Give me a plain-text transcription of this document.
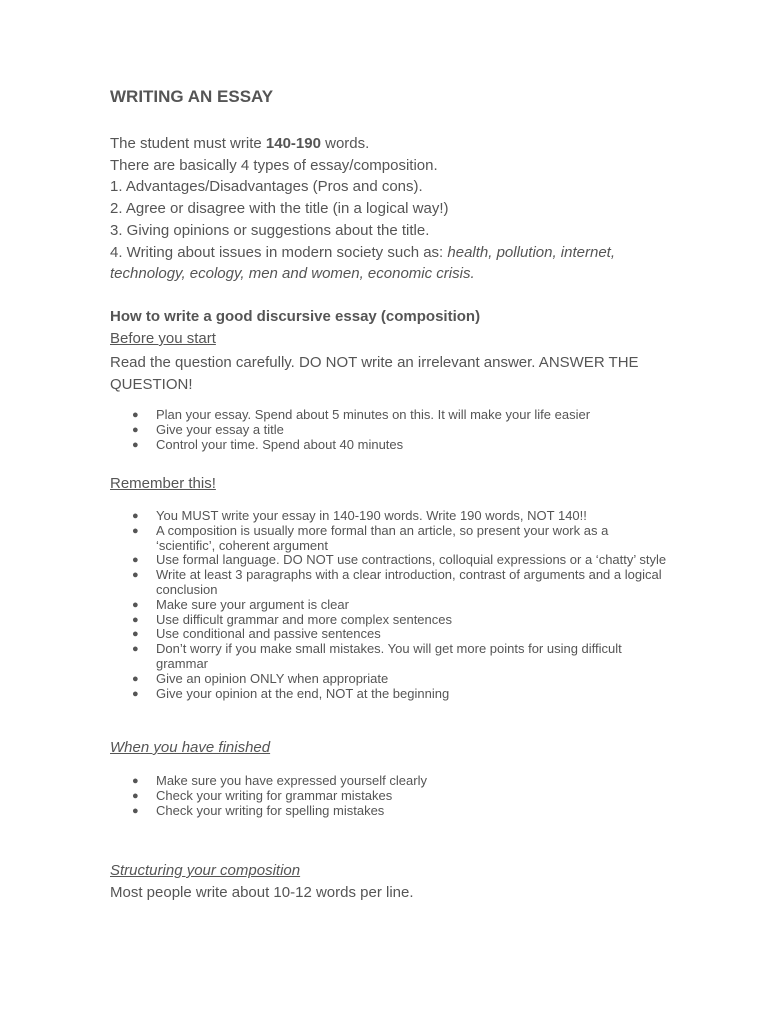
WRITING AN ESSAY

The student must write 140-190 words.

There are basically 4 types of essay/composition.

1. Advantages/Disadvantages (Pros and cons).

2. Agree or disagree with the title (in a logical way!)

3. Giving opinions or suggestions about the title.

4. Writing about issues in modern society such as: health, pollution, internet, technology, ecology, men and women, economic crisis.

How to write a good discursive essay (composition)

Before you start

Read the question carefully. DO NOT write an irrelevant answer. ANSWER THE QUESTION!

● Plan your essay. Spend about 5 minutes on this. It will make your life easier
● Give your essay a title
● Control your time. Spend about 40 minutes

Remember this!

● You MUST write your essay in 140-190 words. Write 190 words, NOT 140!!
● A composition is usually more formal than an article, so present your work as a ‘scientific’, coherent argument
● Use formal language. DO NOT use contractions, colloquial expressions or a ‘chatty’ style
● Write at least 3 paragraphs with a clear introduction, contrast of arguments and a logical conclusion
● Make sure your argument is clear
● Use difficult grammar and more complex sentences
● Use conditional and passive sentences
● Don’t worry if you make small mistakes. You will get more points for using difficult grammar
● Give an opinion ONLY when appropriate
● Give your opinion at the end, NOT at the beginning

When you have finished

● Make sure you have expressed yourself clearly
● Check your writing for grammar mistakes
● Check your writing for spelling mistakes

Structuring your composition

Most people write about 10-12 words per line.
